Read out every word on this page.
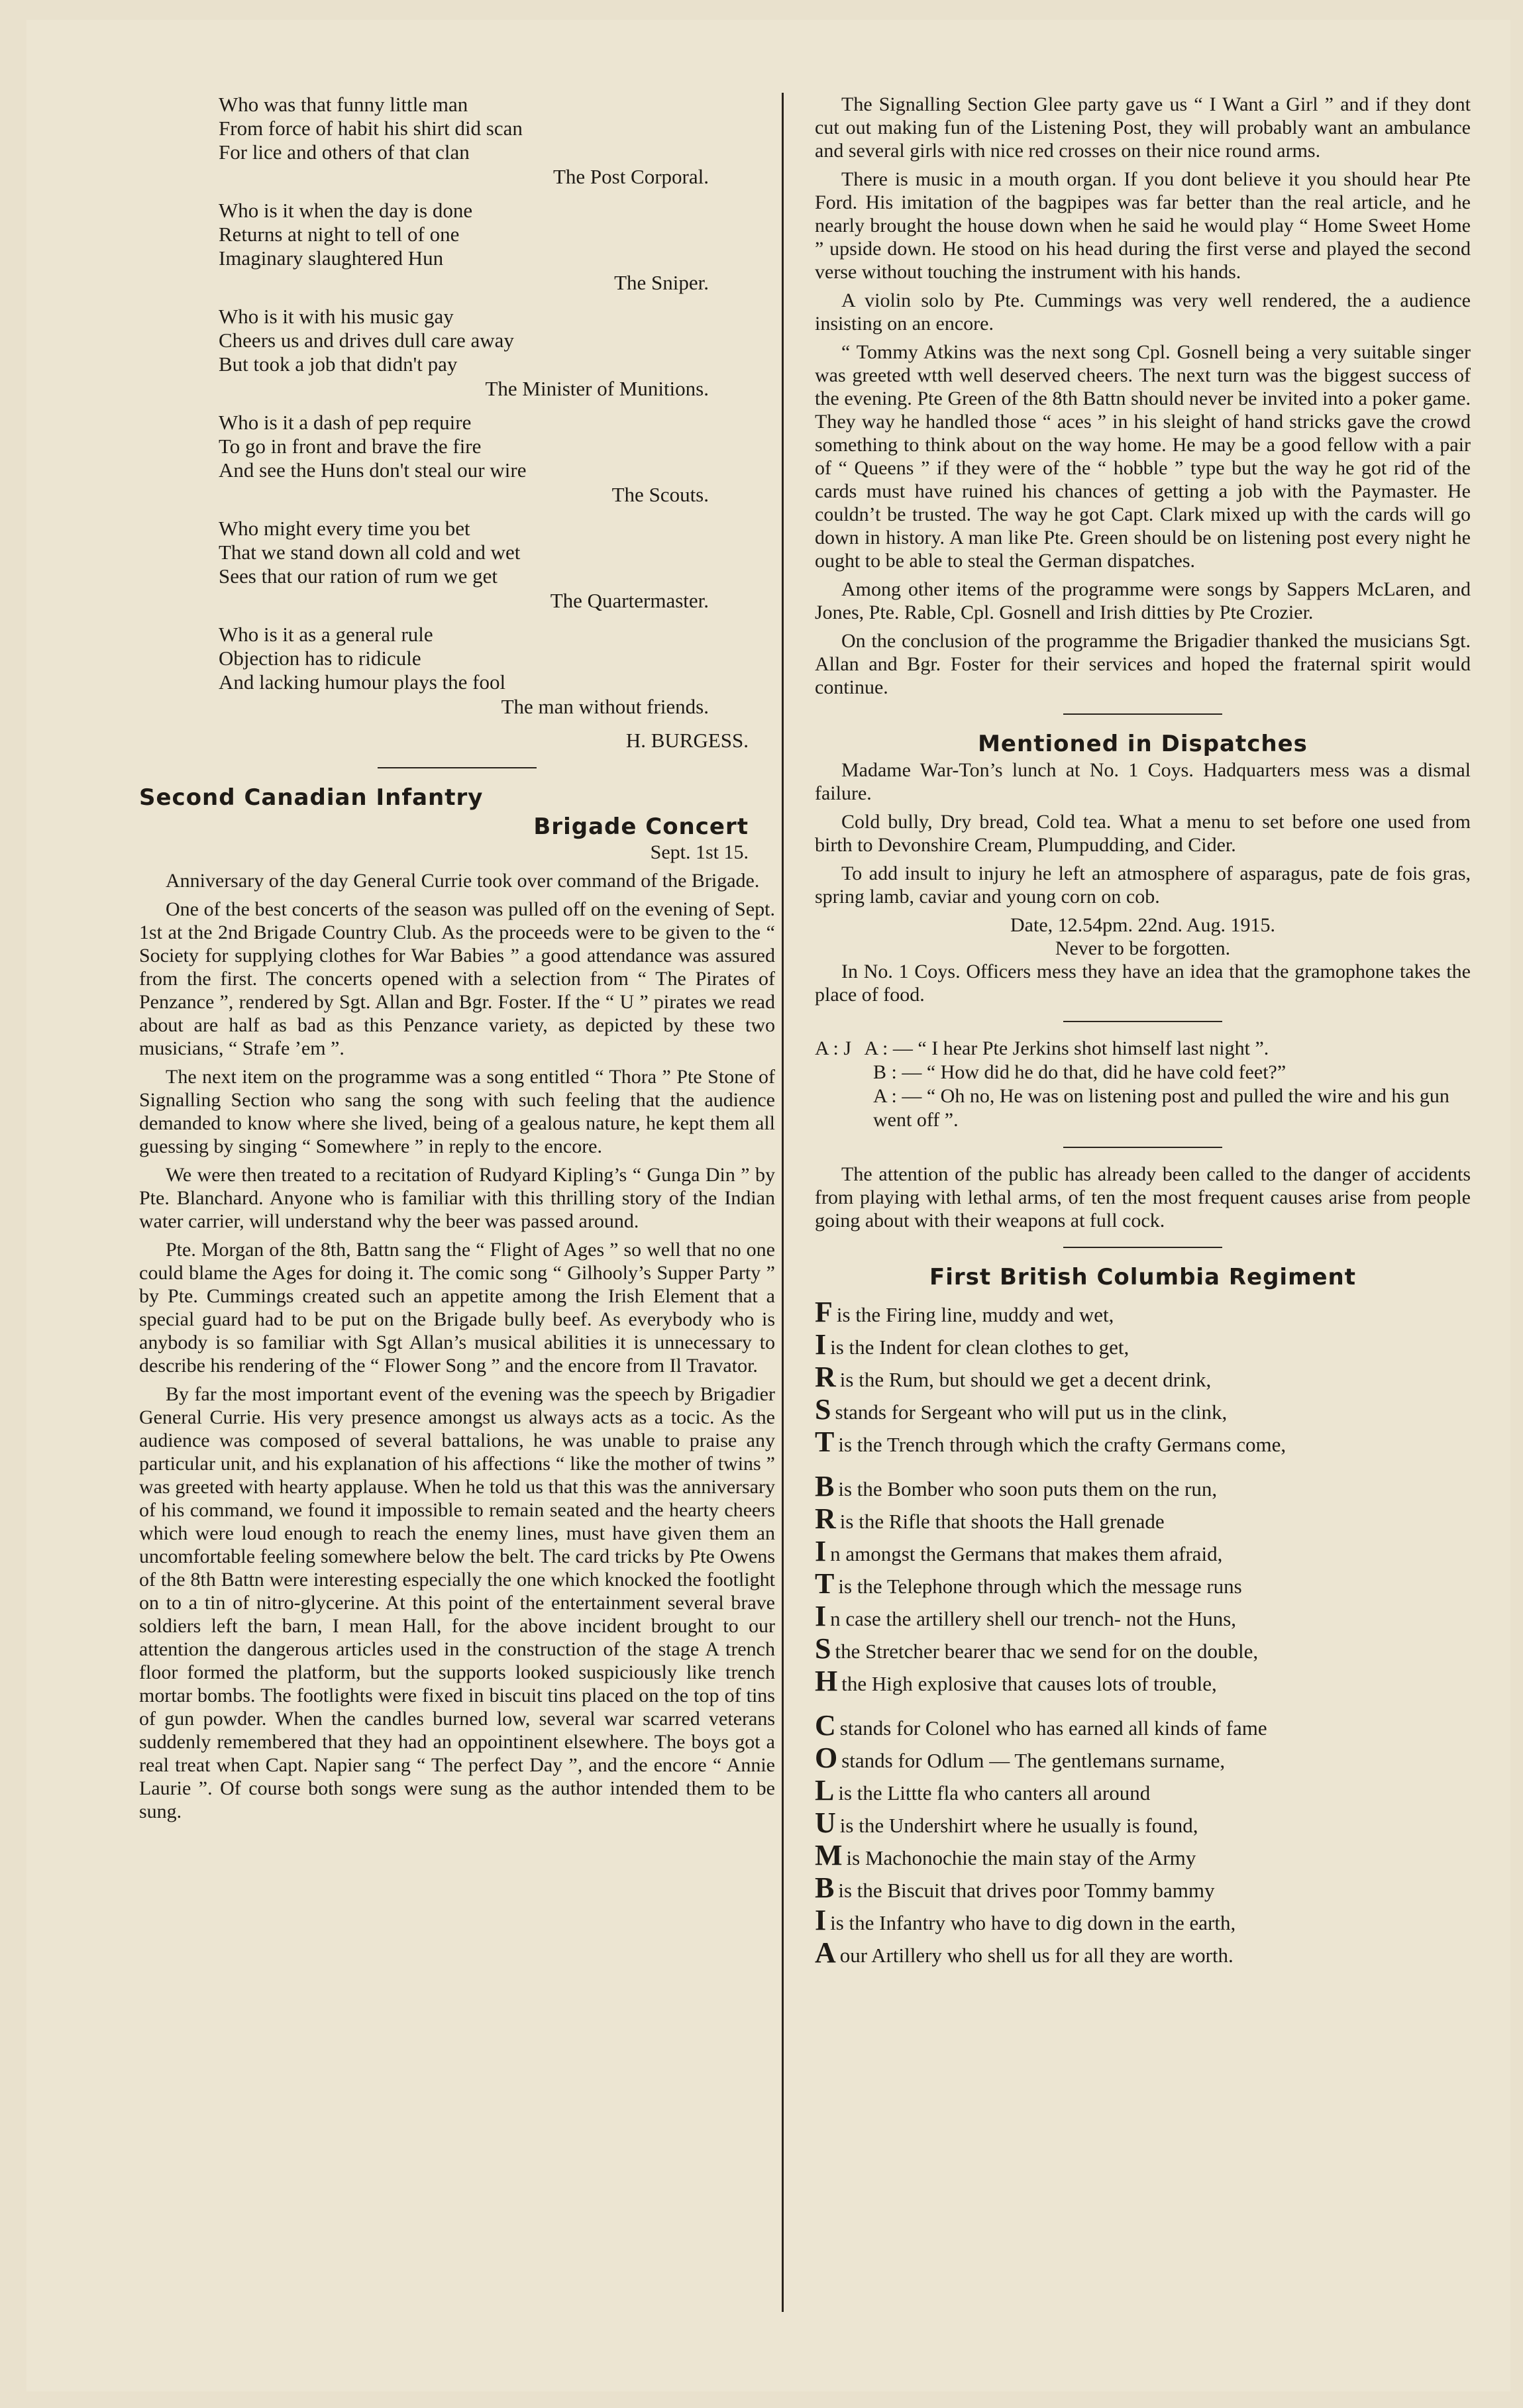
Who was that funny little man

From force of habit his shirt did scan

For lice and others of that clan

The Post Corporal.

Who is it when the day is done

Returns at night to tell of one

Imaginary slaughtered Hun

The Sniper.

Who is it with his music gay

Cheers us and drives dull care away

But took a job that didn't pay

The Minister of Munitions.

Who is it a dash of pep require

To go in front and brave the fire

And see the Huns don't steal our wire

The Scouts.

Who might every time you bet

That we stand down all cold and wet

Sees that our ration of rum we get

The Quartermaster.

Who is it as a general rule

Objection has to ridicule

And lacking humour plays the fool

The man without friends.

H. BURGESS.

Second Canadian Infantry
Brigade Concert

Sept. 1st 15.

Anniversary of the day General Currie took over command of the Brigade.

One of the best concerts of the season was pulled off on the evening of Sept. 1st at the 2nd Brigade Country Club. As the proceeds were to be given to the “ Society for supplying clothes for War Babies ” a good attendance was assured from the first. The concerts opened with a selection from “ The Pirates of Penzance ”, rendered by Sgt. Allan and Bgr. Foster. If the “ U ” pirates we read about are half as bad as this Penzance variety, as depicted by these two musicians, “ Strafe ’em ”.

The next item on the programme was a song entitled “ Thora ” Pte Stone of Signalling Section who sang the song with such feeling that the audience demanded to know where she lived, being of a gealous nature, he kept them all guessing by singing “ Somewhere ” in reply to the encore.

We were then treated to a recitation of Rudyard Kipling’s “ Gunga Din ” by Pte. Blanchard. Anyone who is familiar with this thrilling story of the Indian water carrier, will understand why the beer was passed around.

Pte. Morgan of the 8th, Battn sang the “ Flight of Ages ” so well that no one could blame the Ages for doing it. The comic song “ Gilhooly’s Supper Party ” by Pte. Cummings created such an appetite among the Irish Element that a special guard had to be put on the Brigade bully beef. As everybody who is anybody is so familiar with Sgt Allan’s musical abilities it is unnecessary to describe his rendering of the “ Flower Song ” and the encore from Il Travator.

By far the most important event of the evening was the speech by Brigadier General Currie. His very presence amongst us always acts as a tocic. As the audience was composed of several battalions, he was unable to praise any particular unit, and his explanation of his affections “ like the mother of twins ” was greeted with hearty applause. When he told us that this was the anniversary of his command, we found it impossible to remain seated and the hearty cheers which were loud enough to reach the enemy lines, must have given them an uncomfortable feeling somewhere below the belt. The card tricks by Pte Owens of the 8th Battn were interesting especially the one which knocked the footlight on to a tin of nitro-glycerine. At this point of the entertainment several brave soldiers left the barn, I mean Hall, for the above incident brought to our attention the dangerous articles used in the construction of the stage A trench floor formed the platform, but the supports looked suspiciously like trench mortar bombs. The footlights were fixed in biscuit tins placed on the top of tins of gun powder. When the candles burned low, several war scarred veterans suddenly remembered that they had an oppointinent elsewhere. The boys got a real treat when Capt. Napier sang “ The perfect Day ”, and the encore “ Annie Laurie ”. Of course both songs were sung as the author intended them to be sung.

The Signalling Section Glee party gave us “ I Want a Girl ” and if they dont cut out making fun of the Listening Post, they will probably want an ambulance and several girls with nice red crosses on their nice round arms.

There is music in a mouth organ. If you dont believe it you should hear Pte Ford. His imitation of the bagpipes was far better than the real article, and he nearly brought the house down when he said he would play “ Home Sweet Home ” upside down. He stood on his head during the first verse and played the second verse without touching the instrument with his hands.

A violin solo by Pte. Cummings was very well rendered, the a audience insisting on an encore.

“ Tommy Atkins was the next song Cpl. Gosnell being a very suitable singer was greeted wtth well deserved cheers. The next turn was the biggest success of the evening. Pte Green of the 8th Battn should never be invited into a poker game. They way he handled those “ aces ” in his sleight of hand stricks gave the crowd something to think about on the way home. He may be a good fellow with a pair of “ Queens ” if they were of the “ hobble ” type but the way he got rid of the cards must have ruined his chances of getting a job with the Paymaster. He couldn’t be trusted. The way he got Capt. Clark mixed up with the cards will go down in history. A man like Pte. Green should be on listening post every night he ought to be able to steal the German dispatches.

Among other items of the programme were songs by Sappers McLaren, and Jones, Pte. Rable, Cpl. Gosnell and Irish ditties by Pte Crozier.

On the conclusion of the programme the Brigadier thanked the musicians Sgt. Allan and Bgr. Foster for their services and hoped the fraternal spirit would continue.

Mentioned in Dispatches

Madame War-Ton’s lunch at No. 1 Coys. Hadquarters mess was a dismal failure.

Cold bully, Dry bread, Cold tea. What a menu to set before one used from birth to Devonshire Cream, Plumpudding, and Cider.

To add insult to injury he left an atmosphere of asparagus, pate de fois gras, spring lamb, caviar and young corn on cob.

Date, 12.54pm. 22nd. Aug. 1915.

Never to be forgotten.

In No. 1 Coys. Officers mess they have an idea that the gramophone takes the place of food.

A : J A : — “ I hear Pte Jerkins shot himself last night ”.
B : — “ How did he do that, did he have cold feet?”
A : — “ Oh no, He was on listening post and pulled the wire and his gun went off ”.

The attention of the public has already been called to the danger of accidents from playing with lethal arms, of ten the most frequent causes arise from people going about with their weapons at full cock.

First British Columbia Regiment
F is the Firing line, muddy and wet,
I is the Indent for clean clothes to get,
R is the Rum, but should we get a decent drink,
S stands for Sergeant who will put us in the clink,
T is the Trench through which the crafty Germans come,
B is the Bomber who soon puts them on the run,
R is the Rifle that shoots the Hall grenade
I n amongst the Germans that makes them afraid,
T is the Telephone through which the message runs
I n case the artillery shell our trench- not the Huns,
S the Stretcher bearer thac we send for on the double,
H the High explosive that causes lots of trouble,
C stands for Colonel who has earned all kinds of fame
O stands for Odlum — The gentlemans surname,
L is the Littte fla who canters all around
U is the Undershirt where he usually is found,
M is Machonochie the main stay of the Army
B is the Biscuit that drives poor Tommy bammy
I is the Infantry who have to dig down in the earth,
A our Artillery who shell us for all they are worth.
